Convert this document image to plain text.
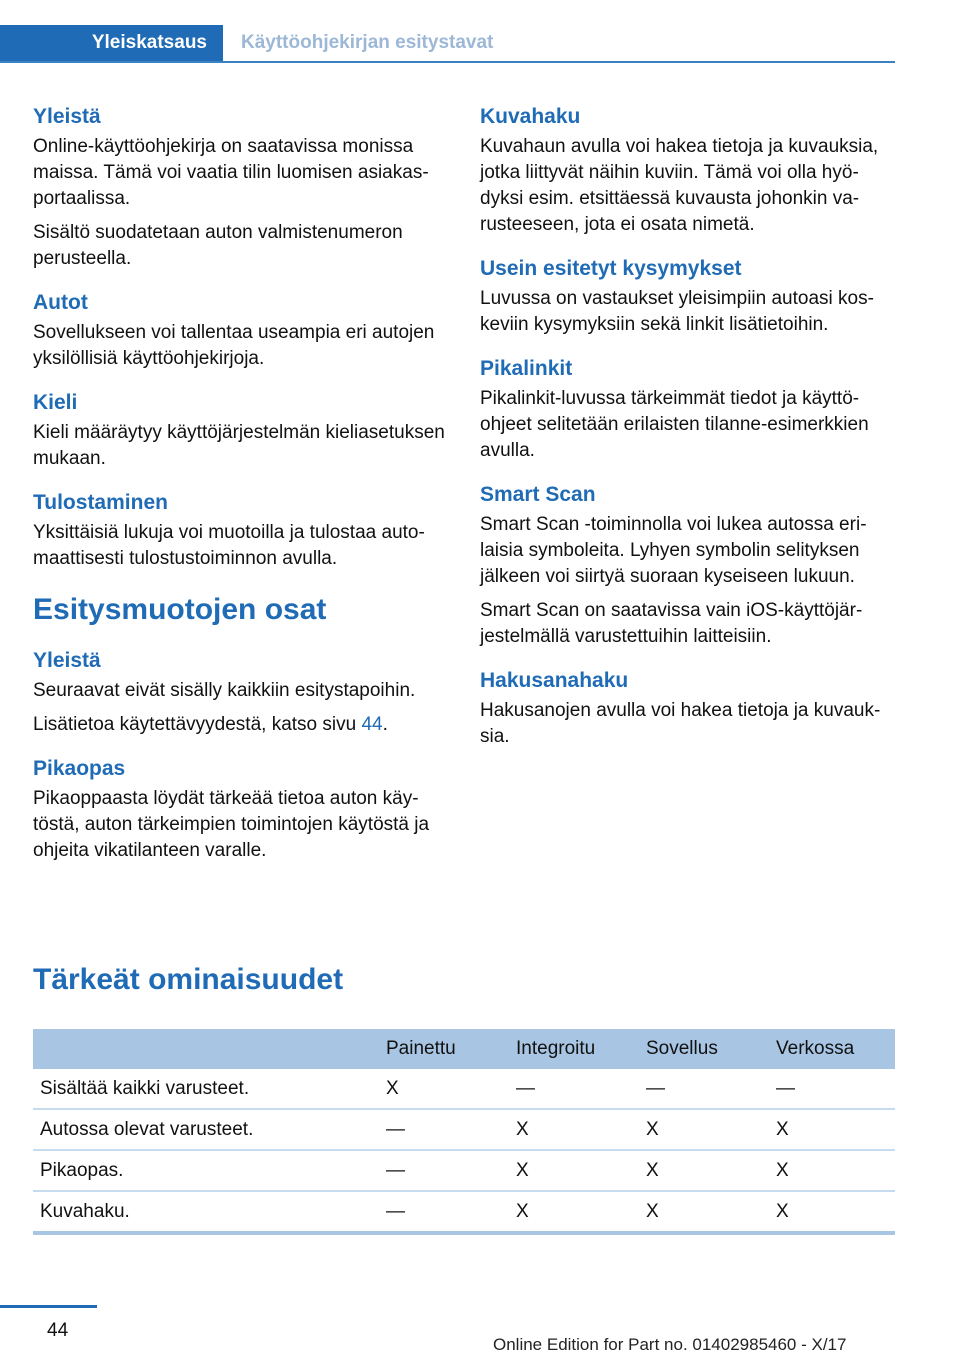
Yleiskatsaus	Käyttöohjekirjan esitystavat
Yleistä

Online-käyttöohjekirja on saatavissa monissa maissa. Tämä voi vaatia tilin luomisen asiakasportaalissa.

Sisältö suodatetaan auton valmistenumeron perusteella.

Autot

Sovellukseen voi tallentaa useampia eri autojen yksilöllisiä käyttöohjekirjoja.

Kieli

Kieli määräytyy käyttöjärjestelmän kieliasetuksen mukaan.

Tulostaminen

Yksittäisiä lukuja voi muotoilla ja tulostaa automaattisesti tulostustoiminnon avulla.

Esitysmuotojen osat
Yleistä

Seuraavat eivät sisälly kaikkiin esitystapoihin.

Lisätietoa käytettävyydestä, katso sivu 44.

Pikaopas

Pikaoppaasta löydät tärkeää tietoa auton käytöstä, auton tärkeimpien toimintojen käytöstä ja ohjeita vikatilanteen varalle.

Kuvahaku

Kuvahaun avulla voi hakea tietoja ja kuvauksia, jotka liittyvät näihin kuviin. Tämä voi olla hyödyksi esim. etsittäessä kuvausta johonkin varusteeseen, jota ei osata nimetä.

Usein esitetyt kysymykset

Luvussa on vastaukset yleisimpiin autoasi koskeviin kysymyksiin sekä linkit lisätietoihin.

Pikalinkit

Pikalinkit-luvussa tärkeimmät tiedot ja käyttöohjeet selitetään erilaisten tilanne-esimerkkien avulla.

Smart Scan

Smart Scan -toiminnolla voi lukea autossa erilaisia symboleita. Lyhyen symbolin selityksen jälkeen voi siirtyä suoraan kyseiseen lukuun.

Smart Scan on saatavissa vain iOS-käyttöjärjestelmällä varustettuihin laitteisiin.

Hakusanahaku

Hakusanojen avulla voi hakea tietoja ja kuvauksia.

Tärkeät ominaisuudet
	Painettu	Integroitu	Sovellus	Verkossa
Sisältää kaikki varusteet.	X	—	—	—
Autossa olevat varusteet.	—	X	X	X
Pikaopas.	—	X	X	X
Kuvahaku.	—	X	X	X
44
Online Edition for Part no. 01402985460 - X/17
